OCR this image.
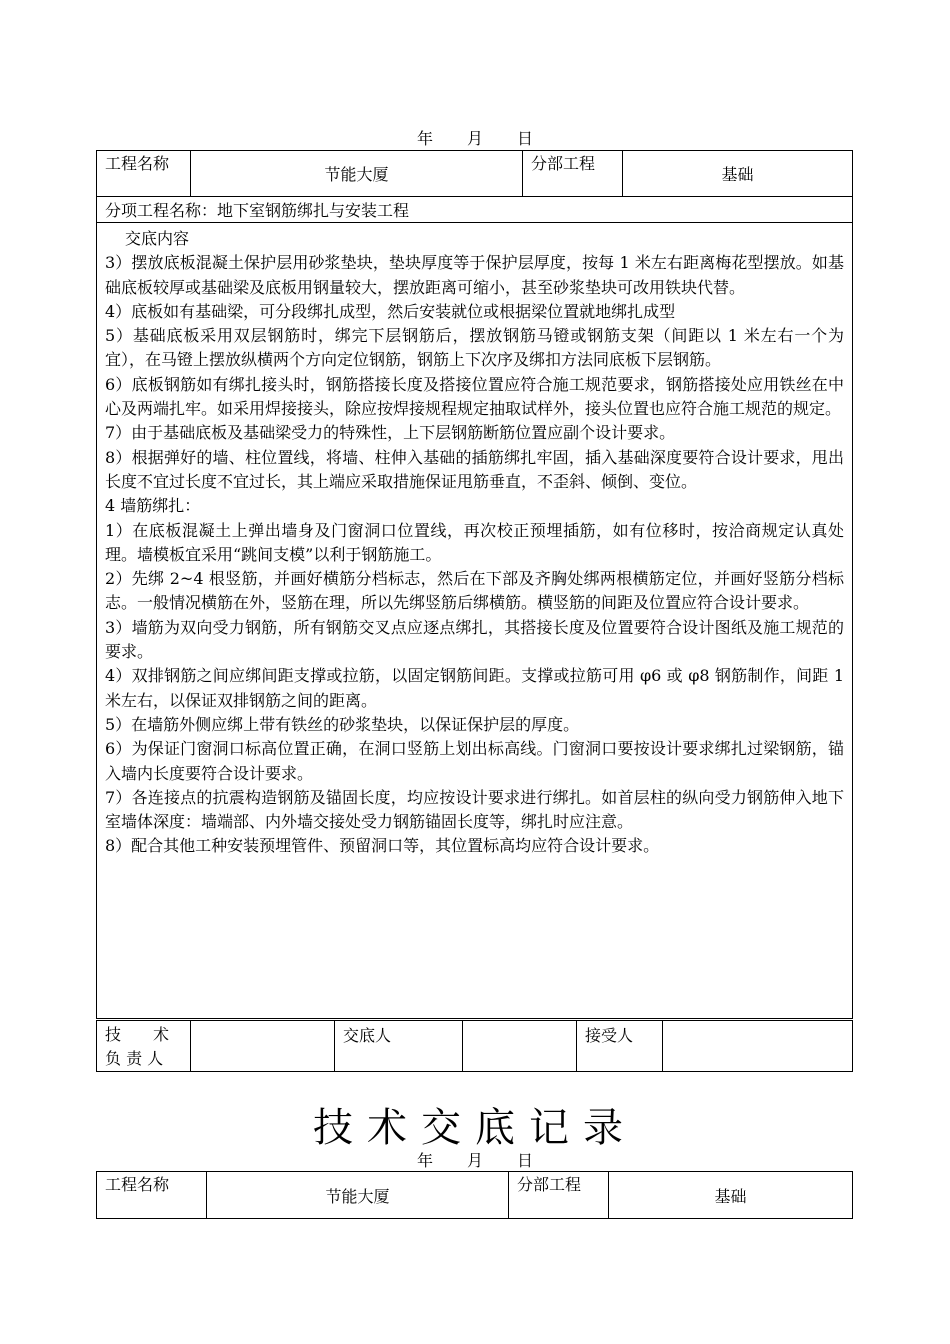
年 月 日
工程名称	节能大厦	分部工程	基础
分项工程名称：地下室钢筋绑扎与安装工程

交底内容

3）摆放底板混凝土保护层用砂浆垫块，垫块厚度等于保护层厚度，按每 1 米左右距离梅花型摆放。如基础底板较厚或基础梁及底板用钢量较大，摆放距离可缩小，甚至砂浆垫块可改用铁块代替。

4）底板如有基础梁，可分段绑扎成型，然后安装就位或根据梁位置就地绑扎成型

5）基础底板采用双层钢筋时，绑完下层钢筋后，摆放钢筋马镫或钢筋支架（间距以 1 米左右一个为宜），在马镫上摆放纵横两个方向定位钢筋，钢筋上下次序及绑扣方法同底板下层钢筋。

6）底板钢筋如有绑扎接头时，钢筋搭接长度及搭接位置应符合施工规范要求，钢筋搭接处应用铁丝在中心及两端扎牢。如采用焊接接头，除应按焊接规程规定抽取试样外，接头位置也应符合施工规范的规定。

7）由于基础底板及基础梁受力的特殊性，上下层钢筋断筋位置应副个设计要求。

8）根据弹好的墙、柱位置线，将墙、柱伸入基础的插筋绑扎牢固，插入基础深度要符合设计要求，甩出长度不宜过长度不宜过长，其上端应采取措施保证甩筋垂直，不歪斜、倾倒、变位。

4 墙筋绑扎：

1）在底板混凝土上弹出墙身及门窗洞口位置线，再次校正预埋插筋，如有位移时，按洽商规定认真处理。墙模板宜采用“跳间支模”以利于钢筋施工。

2）先绑 2~4 根竖筋，并画好横筋分档标志，然后在下部及齐胸处绑两根横筋定位，并画好竖筋分档标志。一般情况横筋在外，竖筋在理，所以先绑竖筋后绑横筋。横竖筋的间距及位置应符合设计要求。

3）墙筋为双向受力钢筋，所有钢筋交叉点应逐点绑扎，其搭接长度及位置要符合设计图纸及施工规范的要求。

4）双排钢筋之间应绑间距支撑或拉筋，以固定钢筋间距。支撑或拉筋可用 φ6 或 φ8 钢筋制作，间距 1 米左右，以保证双排钢筋之间的距离。

5）在墙筋外侧应绑上带有铁丝的砂浆垫块，以保证保护层的厚度。

6）为保证门窗洞口标高位置正确，在洞口竖筋上划出标高线。门窗洞口要按设计要求绑扎过梁钢筋，锚入墙内长度要符合设计要求。

7）各连接点的抗震构造钢筋及锚固长度，均应按设计要求进行绑扎。如首层柱的纵向受力钢筋伸入地下室墙体深度：墙端部、内外墙交接处受力钢筋锚固长度等，绑扎时应注意。

8）配合其他工种安装预埋管件、预留洞口等，其位置标高均应符合设计要求。

技　　术
负 责 人
		交底人		接受人	
技术交底记录
年 月 日
工程名称	节能大厦	分部工程	基础
